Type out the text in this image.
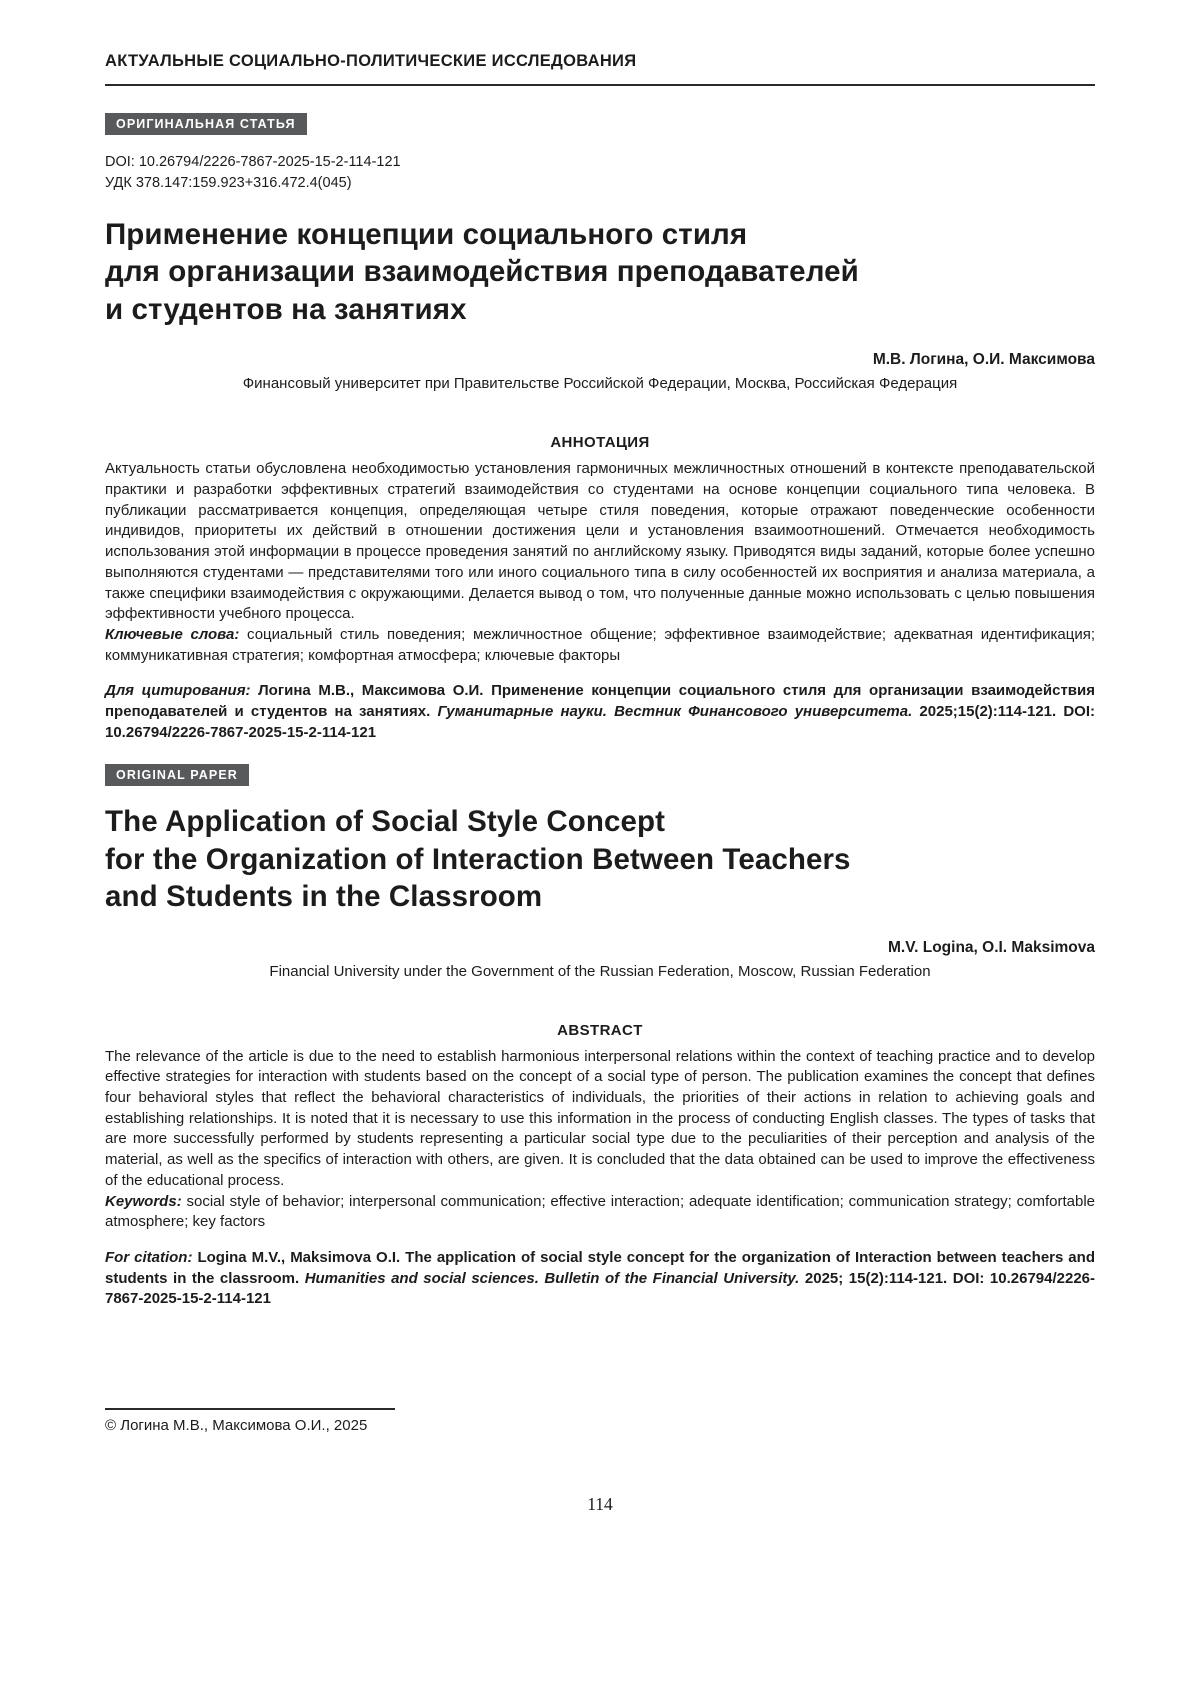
АКТУАЛЬНЫЕ СОЦИАЛЬНО-ПОЛИТИЧЕСКИЕ ИССЛЕДОВАНИЯ
ОРИГИНАЛЬНАЯ СТАТЬЯ
DOI: 10.26794/2226-7867-2025-15-2-114-121
УДК 378.147:159.923+316.472.4(045)
Применение концепции социального стиля
для организации взаимодействия преподавателей
и студентов на занятиях
М.В. Логина, О.И. Максимова
Финансовый университет при Правительстве Российской Федерации, Москва, Российская Федерация
АННОТАЦИЯ

Актуальность статьи обусловлена необходимостью установления гармоничных межличностных отношений в контексте преподавательской практики и разработки эффективных стратегий взаимодействия со студентами на основе концепции социального типа человека. В публикации рассматривается концепция, определяющая четыре стиля поведения, которые отражают поведенческие особенности индивидов, приоритеты их действий в отношении достижения цели и установления взаимоотношений. Отмечается необходимость использования этой информации в процессе проведения занятий по английскому языку. Приводятся виды заданий, которые более успешно выполняются студентами — представителями того или иного социального типа в силу особенностей их восприятия и анализа материала, а также специфики взаимодействия с окружающими. Делается вывод о том, что полученные данные можно использовать с целью повышения эффективности учебного процесса.

Ключевые слова: социальный стиль поведения; межличностное общение; эффективное взаимодействие; адекватная идентификация; коммуникативная стратегия; комфортная атмосфера; ключевые факторы

Для цитирования: Логина М.В., Максимова О.И. Применение концепции социального стиля для организации взаимодействия преподавателей и студентов на занятиях. Гуманитарные науки. Вестник Финансового университета. 2025;15(2):114-121. DOI: 10.26794/2226-7867-2025-15-2-114-121

ORIGINAL PAPER
The Application of Social Style Concept
for the Organization of Interaction Between Teachers
and Students in the Classroom
M.V. Logina, O.I. Maksimova
Financial University under the Government of the Russian Federation, Moscow, Russian Federation
ABSTRACT

The relevance of the article is due to the need to establish harmonious interpersonal relations within the context of teaching practice and to develop effective strategies for interaction with students based on the concept of a social type of person. The publication examines the concept that defines four behavioral styles that reflect the behavioral characteristics of individuals, the priorities of their actions in relation to achieving goals and establishing relationships. It is noted that it is necessary to use this information in the process of conducting English classes. The types of tasks that are more successfully performed by students representing a particular social type due to the peculiarities of their perception and analysis of the material, as well as the specifics of interaction with others, are given. It is concluded that the data obtained can be used to improve the effectiveness of the educational process.

Keywords: social style of behavior; interpersonal communication; effective interaction; adequate identification; communication strategy; comfortable atmosphere; key factors

For citation: Logina M.V., Maksimova O.I. The application of social style concept for the organization of Interaction between teachers and students in the classroom. Humanities and social sciences. Bulletin of the Financial University. 2025; 15(2):114-121. DOI: 10.26794/2226-7867-2025-15-2-114-121

© Логина М.В., Максимова О.И., 2025
114
